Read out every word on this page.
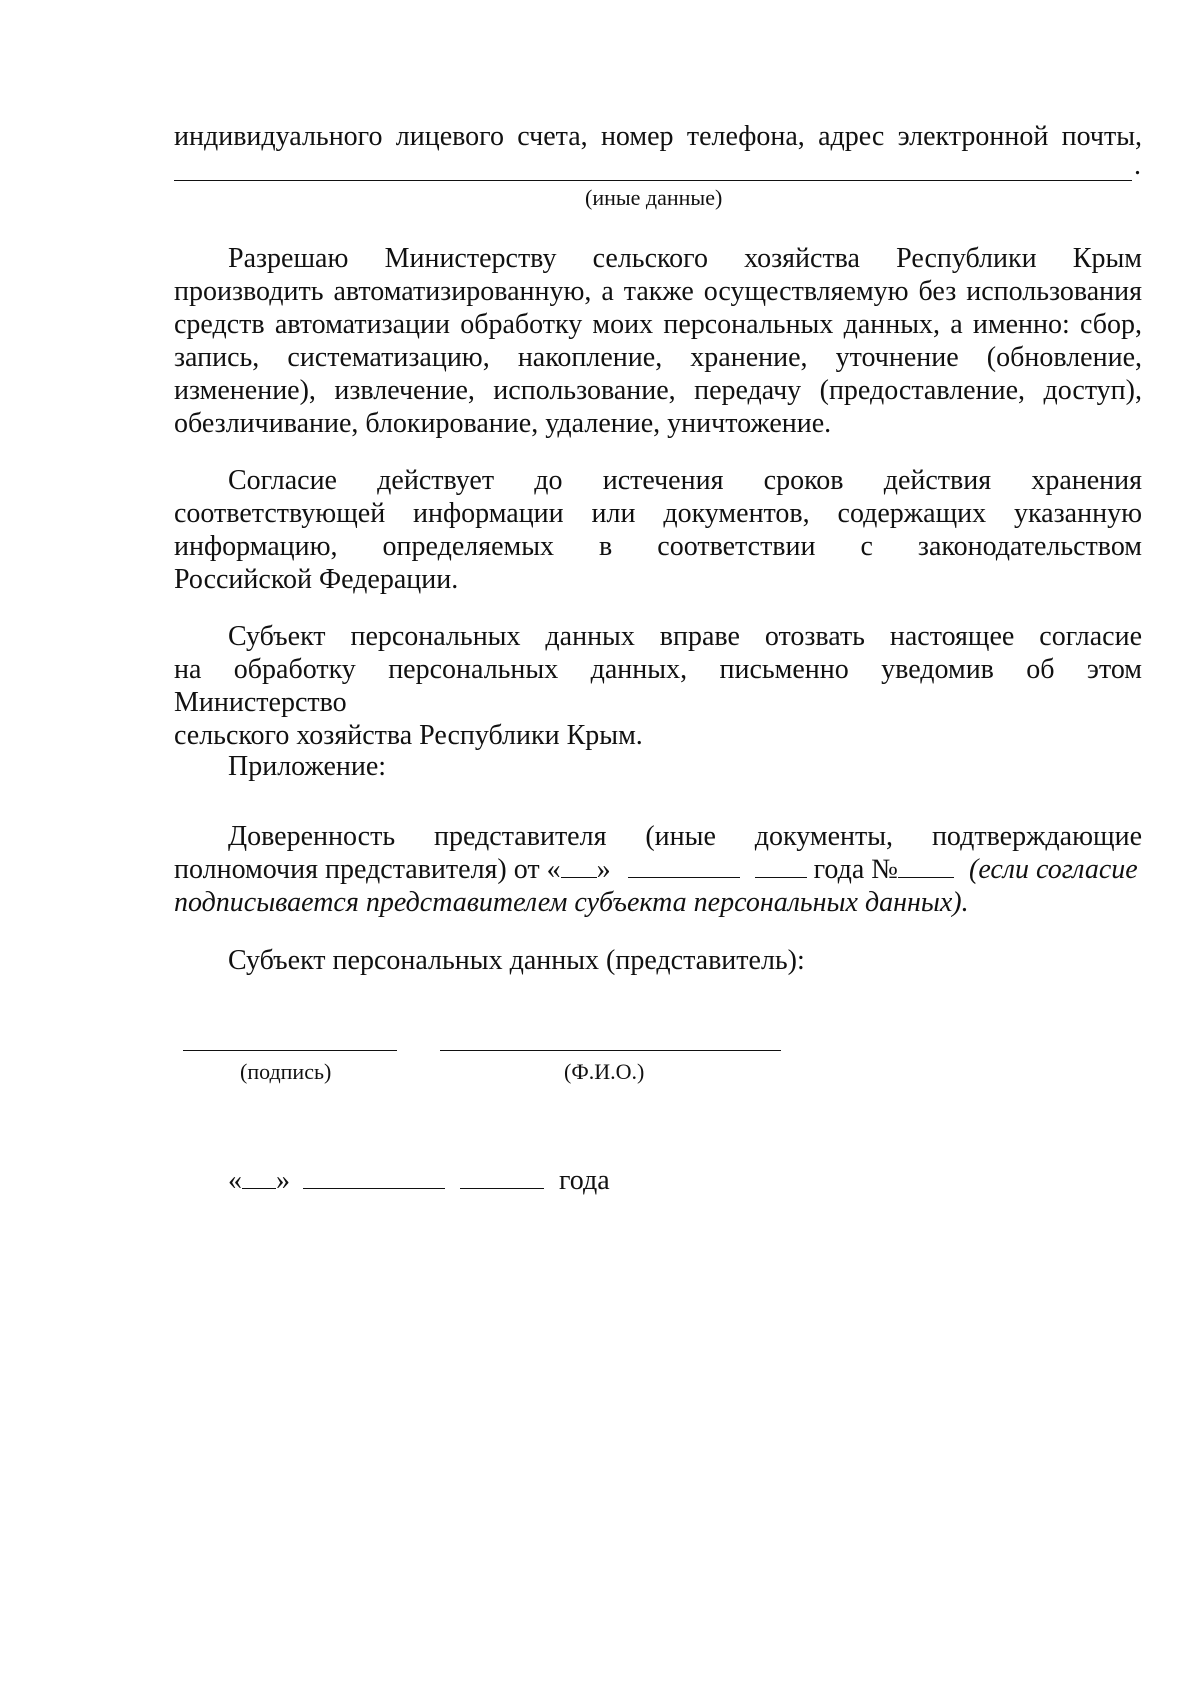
индивидуального лицевого счета, номер телефона, адрес электронной почты,
.
(иные данные)
Разрешаю Министерству сельского хозяйства Республики Крым
производить автоматизированную, а также осуществляемую без использования
средств автоматизации обработку моих персональных данных, а именно: сбор,
запись, систематизацию, накопление, хранение, уточнение (обновление,
изменение), извлечение, использование, передачу (предоставление, доступ),
обезличивание, блокирование, удаление, уничтожение.
Согласие действует до истечения сроков действия хранения
соответствующей информации или документов, содержащих указанную
информацию, определяемых в соответствии с законодательством
Российской Федерации.
Субъект персональных данных вправе отозвать настоящее согласие
на обработку персональных данных, письменно уведомив об этом Министерство
сельского хозяйства Республики Крым.
Приложение:
Доверенность представителя (иные документы, подтверждающие
полномочия представителя) от « »	года №	(если согласие
подписывается представителем субъекта персональных данных).
Субъект персональных данных (представитель):
(подпись)	(Ф.И.О.)
« »	года
